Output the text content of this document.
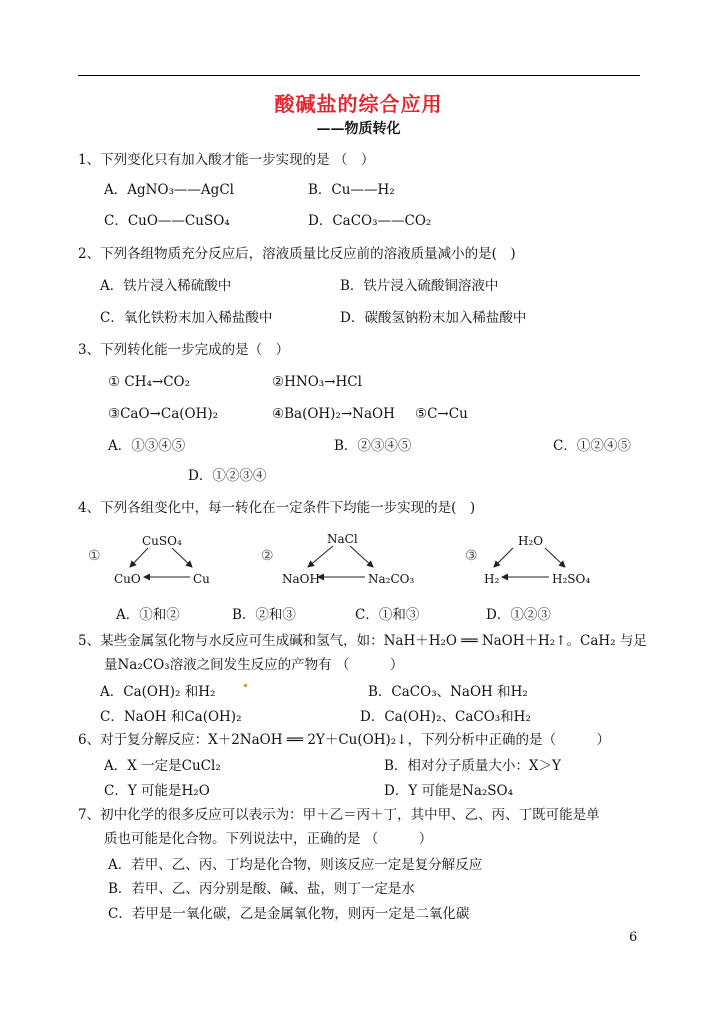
酸碱盐的综合应用
——物质转化
1、下列变化只有加入酸才能一步实现的是 （　）
A．AgNO₃——AgCl	B．Cu——H₂
C．CuO——CuSO₄	D．CaCO₃——CO₂
2、下列各组物质充分反应后，溶液质量比反应前的溶液质量减小的是(　)
A．铁片浸入稀硫酸中	B．铁片浸入硫酸铜溶液中
C．氧化铁粉末加入稀盐酸中	D．碳酸氢钠粉末加入稀盐酸中
3、下列转化能一步完成的是（　）
① CH₄→CO₂	②HNO₃→HCl
③CaO→Ca(OH)₂	④Ba(OH)₂→NaOH ⑤C→Cu
A．①③④⑤	B．②③④⑤	C．①②④⑤
D．①②③④
4、下列各组变化中，每一转化在一定条件下均能一步实现的是(　)
①
CuSO₄
CuO	Cu
②
NaCl
NaOH	Na₂CO₃
③
H₂O
H₂	H₂SO₄
A．①和②	B．②和③	C．①和③	D．①②③
5、某些金属氢化物与水反应可生成碱和氢气，如：NaH＋H₂O ══ NaOH＋H₂↑。CaH₂ 与足
量Na₂CO₃溶液之间发生反应的产物有 （　　　）
A．Ca(OH)₂ 和H₂	B．CaCO₃、NaOH 和H₂
C．NaOH 和Ca(OH)₂	D．Ca(OH)₂、CaCO₃和H₂
6、对于复分解反应：X＋2NaOH ══ 2Y＋Cu(OH)₂↓，下列分析中正确的是（　　　）
A．X 一定是CuCl₂	B．相对分子质量大小：X＞Y
C．Y 可能是H₂O	D．Y 可能是Na₂SO₄
7、初中化学的很多反应可以表示为：甲＋乙＝丙＋丁，其中甲、乙、丙、丁既可能是单
质也可能是化合物。下列说法中，正确的是 （　　　）
A．若甲、乙、丙、丁均是化合物，则该反应一定是复分解反应
B．若甲、乙、丙分别是酸、碱、盐，则丁一定是水
C．若甲是一氧化碳，乙是金属氧化物，则丙一定是二氧化碳
6
